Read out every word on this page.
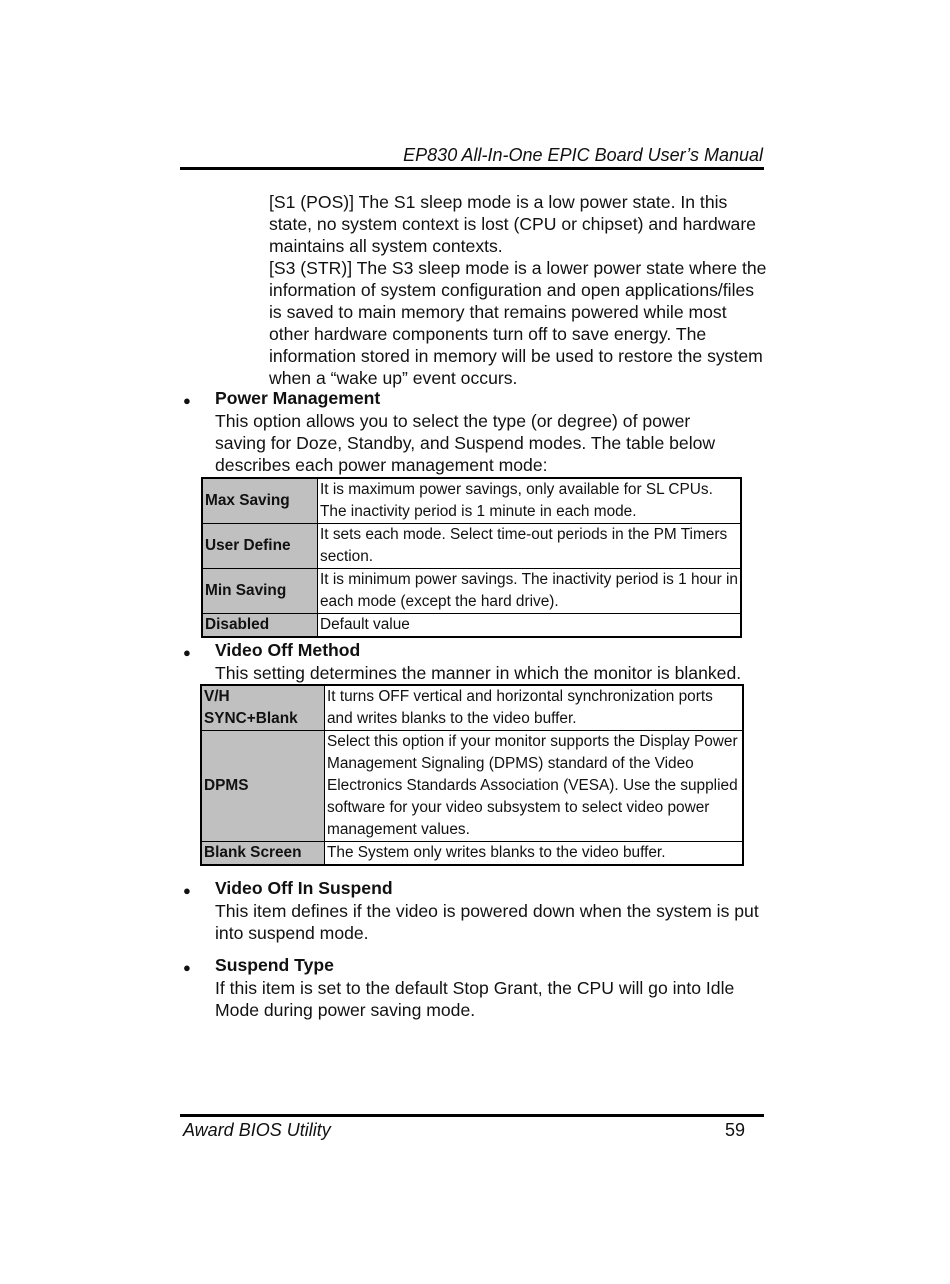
EP830 All-In-One EPIC Board User’s Manual

[S1 (POS)] The S1 sleep mode is a low power state. In this state, no system context is lost (CPU or chipset) and hardware maintains all system contexts.

[S3 (STR)] The S3 sleep mode is a lower power state where the information of system configuration and open applications/files is saved to main memory that remains powered while most other hardware components turn off to save energy. The information stored in memory will be used to restore the system when a “wake up” event occurs.

● Power Management
This option allows you to select the type (or degree) of power saving for Doze, Standby, and Suspend modes. The table below describes each power management mode:
Max Saving	It is maximum power savings, only available for SL CPUs. The inactivity period is 1 minute in each mode.
User Define	It sets each mode. Select time-out periods in the PM Timers section.
Min Saving	It is minimum power savings. The inactivity period is 1 hour in each mode (except the hard drive).
Disabled	Default value
● Video Off Method
This setting determines the manner in which the monitor is blanked.
V/H SYNC+Blank	It turns OFF vertical and horizontal synchronization ports and writes blanks to the video buffer.
DPMS	Select this option if your monitor supports the Display Power Management Signaling (DPMS) standard of the Video Electronics Standards Association (VESA). Use the supplied software for your video subsystem to select video power management values.
Blank Screen	The System only writes blanks to the video buffer.
● Video Off In Suspend
This item defines if the video is powered down when the system is put into suspend mode.
● Suspend Type
If this item is set to the default Stop Grant, the CPU will go into Idle Mode during power saving mode.
Award BIOS Utility	59
